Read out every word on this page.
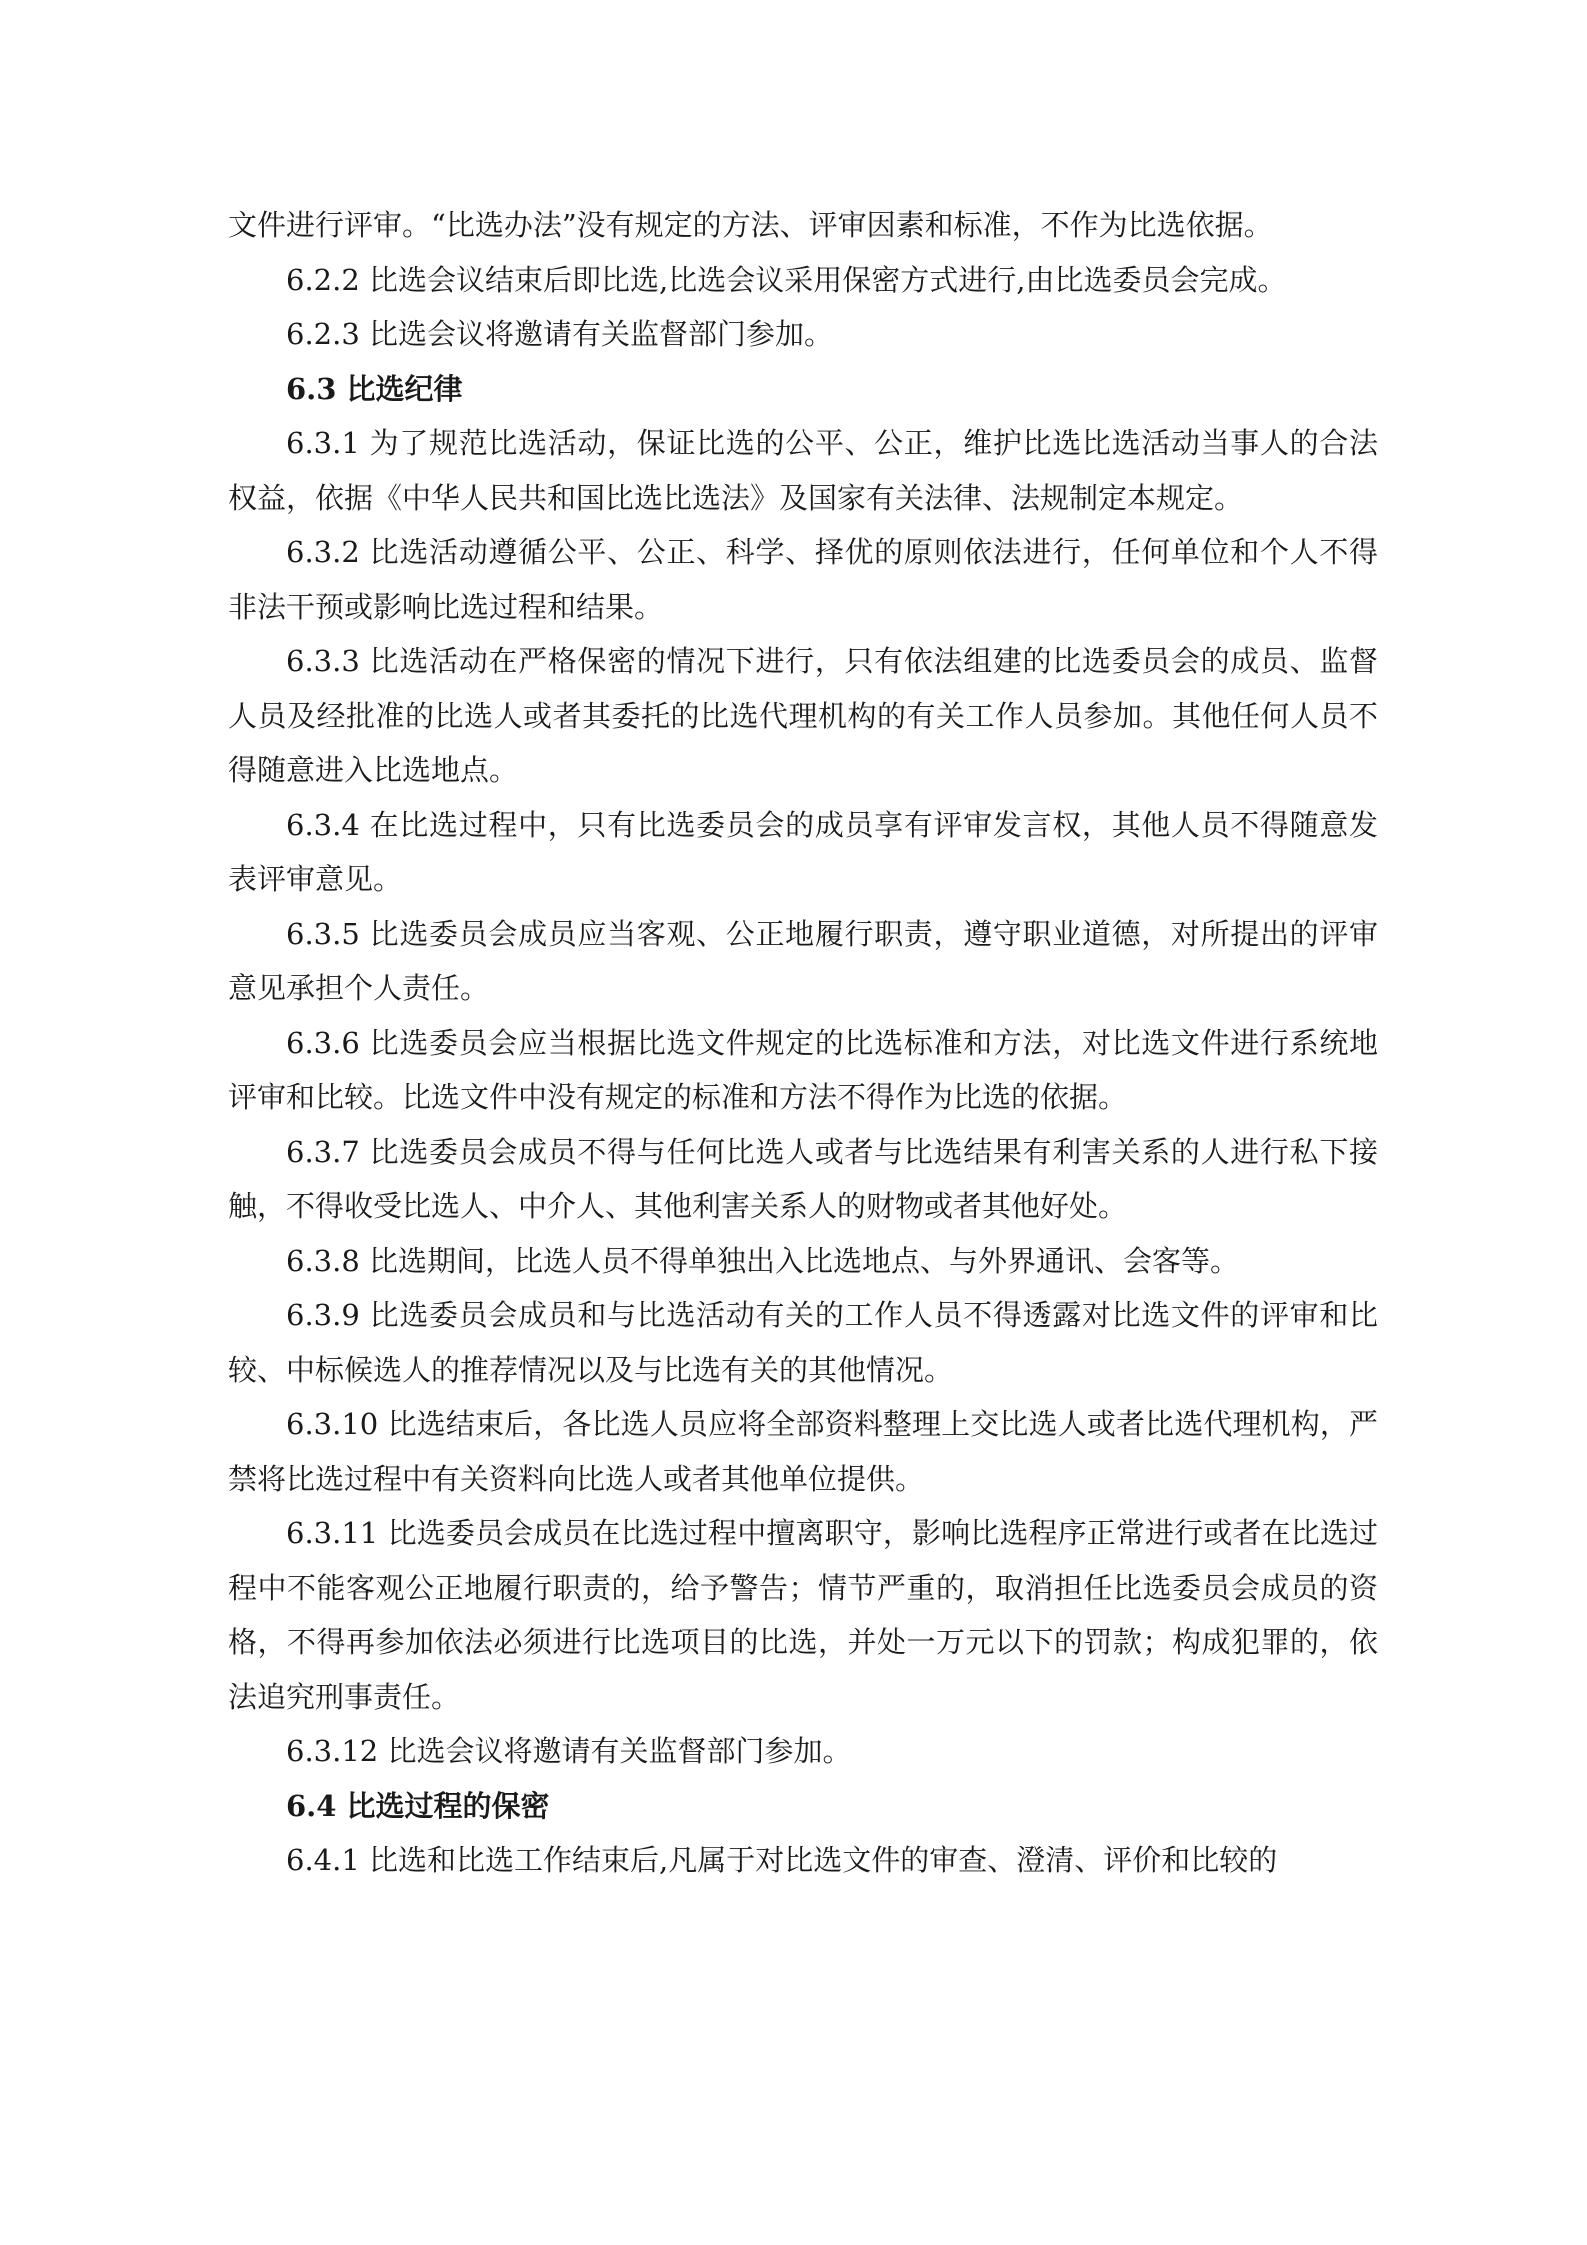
文件进行评审。“比选办法”没有规定的方法、评审因素和标准，不作为比选依据。

6.2.2 比选会议结束后即比选,比选会议采用保密方式进行,由比选委员会完成。

6.2.3 比选会议将邀请有关监督部门参加。

6.3 比选纪律

6.3.1 为了规范比选活动，保证比选的公平、公正，维护比选比选活动当事人的合法权益，依据《中华人民共和国比选比选法》及国家有关法律、法规制定本规定。

6.3.2 比选活动遵循公平、公正、科学、择优的原则依法进行，任何单位和个人不得非法干预或影响比选过程和结果。

6.3.3 比选活动在严格保密的情况下进行，只有依法组建的比选委员会的成员、监督人员及经批准的比选人或者其委托的比选代理机构的有关工作人员参加。其他任何人员不得随意进入比选地点。

6.3.4 在比选过程中，只有比选委员会的成员享有评审发言权，其他人员不得随意发表评审意见。

6.3.5 比选委员会成员应当客观、公正地履行职责，遵守职业道德，对所提出的评审意见承担个人责任。

6.3.6 比选委员会应当根据比选文件规定的比选标准和方法，对比选文件进行系统地评审和比较。比选文件中没有规定的标准和方法不得作为比选的依据。

6.3.7 比选委员会成员不得与任何比选人或者与比选结果有利害关系的人进行私下接触，不得收受比选人、中介人、其他利害关系人的财物或者其他好处。

6.3.8 比选期间，比选人员不得单独出入比选地点、与外界通讯、会客等。

6.3.9 比选委员会成员和与比选活动有关的工作人员不得透露对比选文件的评审和比较、中标候选人的推荐情况以及与比选有关的其他情况。

6.3.10 比选结束后，各比选人员应将全部资料整理上交比选人或者比选代理机构，严禁将比选过程中有关资料向比选人或者其他单位提供。

6.3.11 比选委员会成员在比选过程中擅离职守，影响比选程序正常进行或者在比选过程中不能客观公正地履行职责的，给予警告；情节严重的，取消担任比选委员会成员的资格，不得再参加依法必须进行比选项目的比选，并处一万元以下的罚款；构成犯罪的，依法追究刑事责任。

6.3.12 比选会议将邀请有关监督部门参加。

6.4 比选过程的保密

6.4.1 比选和比选工作结束后,凡属于对比选文件的审查、澄清、评价和比较的
